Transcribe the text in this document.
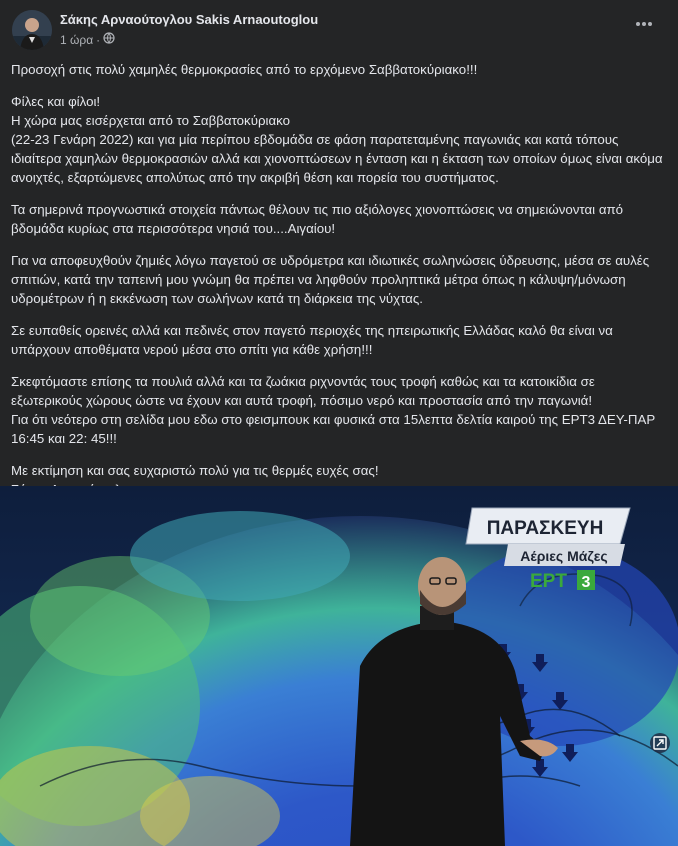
Σάκης Αρναούτογλου Sakis Arnaoutoglou
1 ώρα ·

Προσοχή στις πολύ χαμηλές θερμοκρασίες από το ερχόμενο Σαββατοκύριακο!!!

Φίλες και φίλοι!
Η χώρα μας εισέρχεται από το Σαββατοκύριακο
(22-23 Γενάρη 2022) και για μία περίπου εβδομάδα σε φάση παρατεταμένης παγωνιάς και κατά τόπους ιδιαίτερα χαμηλών θερμοκρασιών αλλά και χιονοπτώσεων η ένταση και η έκταση των οποίων όμως είναι ακόμα ανοιχτές, εξαρτώμενες απολύτως από την ακριβή θέση και πορεία του συστήματος.

Τα σημερινά προγνωστικά στοιχεία πάντως θέλουν τις πιο αξιόλογες χιονοπτώσεις να σημειώνονται από βδομάδα κυρίως στα περισσότερα νησιά του....Αιγαίου!

Για να αποφευχθούν ζημιές λόγω παγετού σε υδρόμετρα και ιδιωτικές σωληνώσεις ύδρευσης, μέσα σε αυλές σπιτιών, κατά την ταπεινή μου γνώμη θα πρέπει να ληφθούν προληπτικά μέτρα όπως η κάλυψη/μόνωση υδρομέτρων ή η εκκένωση των σωλήνων κατά τη διάρκεια της νύχτας.

Σε ευπαθείς ορεινές αλλά και πεδινές στον παγετό περιοχές της ηπειρωτικής Ελλάδας καλό θα είναι να υπάρχουν αποθέματα νερού μέσα στο σπίτι για κάθε χρήση!!!

Σκεφτόμαστε επίσης τα πουλιά αλλά και τα ζωάκια ριχνοντάς τους τροφή καθώς και τα κατοικίδια σε εξωτερικούς χώρους ώστε να έχουν και αυτά τροφή, πόσιμο νερό και προστασία από την παγωνιά!
Για ότι νεότερο στη σελίδα μου εδω στο φεισμπουκ και φυσικά στα 15λεπτα δελτία καιρού της ΕΡΤ3 ΔΕΥ-ΠΑΡ 16:45 και 22: 45!!!

Με εκτίμηση και σας ευχαριστώ πολύ για τις θερμές ευχές σας!

ΠΑΡΑΣΚΕΥΗ
Αέριες Μάζες
ΕΡΤ 3
